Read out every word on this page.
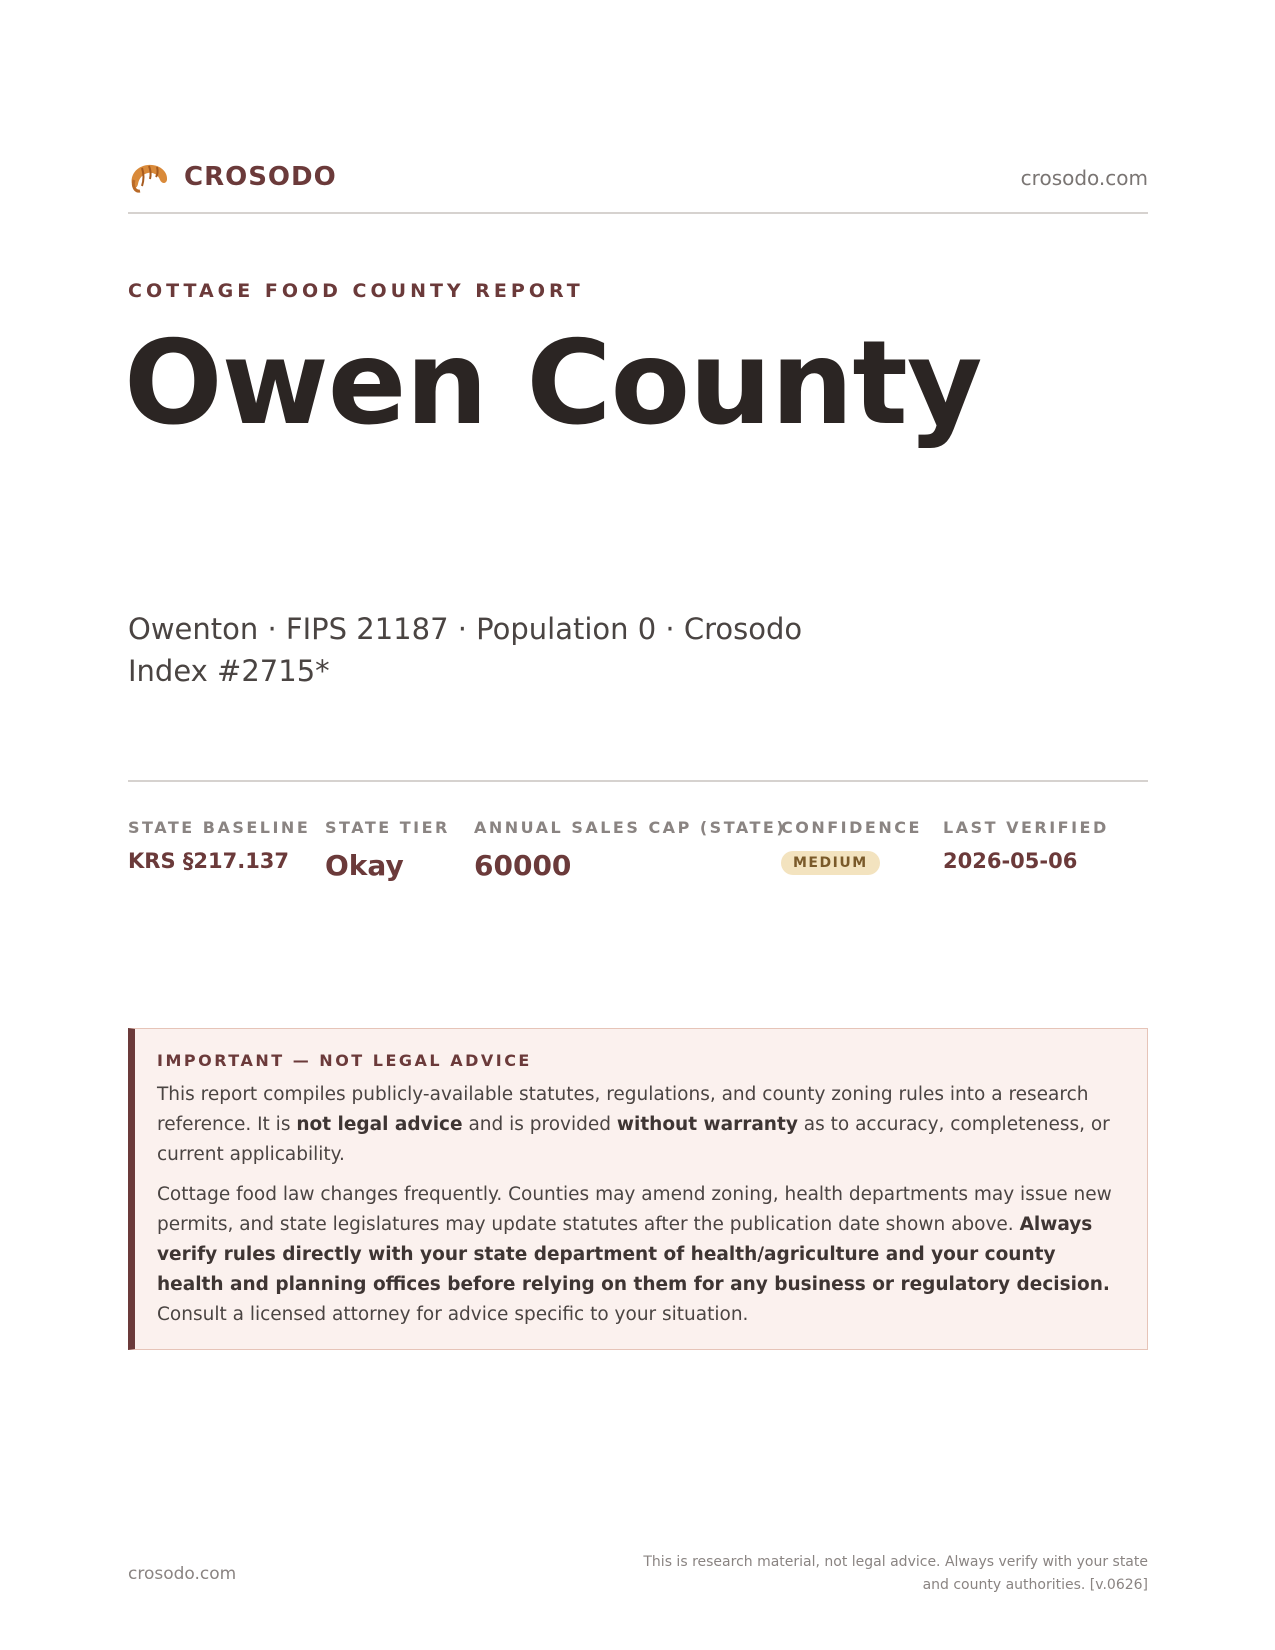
CROSODO	crosodo.com
COTTAGE FOOD COUNTY REPORT
Owen County
Owenton · FIPS 21187 · Population 0 · Crosodo Index #2715*
STATE BASELINE
KRS §217.137
STATE TIER
Okay
ANNUAL SALES CAP (STATE)
60000
CONFIDENCE
MEDIUM
LAST VERIFIED
2026-05-06
IMPORTANT — NOT LEGAL ADVICE

This report compiles publicly-available statutes, regulations, and county zoning rules into a research reference. It is not legal advice and is provided without warranty as to accuracy, completeness, or current applicability.

Cottage food law changes frequently. Counties may amend zoning, health departments may issue new permits, and state legislatures may update statutes after the publication date shown above. Always verify rules directly with your state department of health/agriculture and your county health and planning offices before relying on them for any business or regulatory decision. Consult a licensed attorney for advice specific to your situation.

crosodo.com
This is research material, not legal advice. Always verify with your state
and county authorities. [v.0626]
